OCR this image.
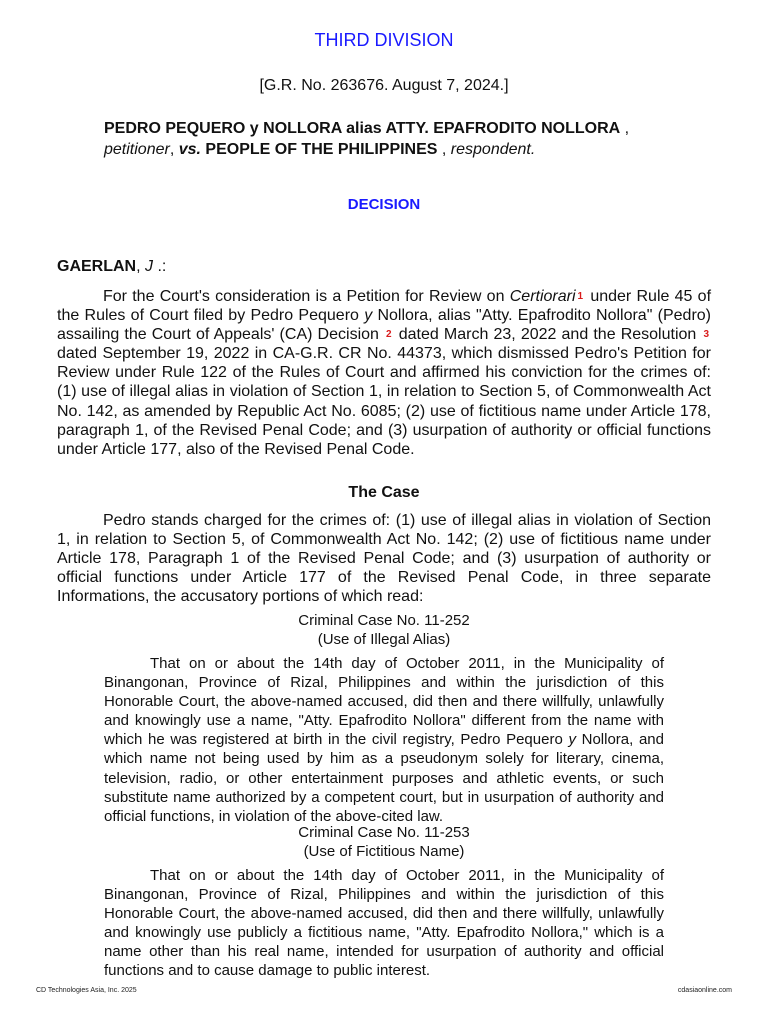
THIRD DIVISION
[G.R. No. 263676. August 7, 2024.]
PEDRO PEQUERO y NOLLORA alias ATTY. EPAFRODITO NOLLORA ,
petitioner, vs. PEOPLE OF THE PHILIPPINES , respondent.
DECISION
GAERLAN, J .:
For the Court's consideration is a Petition for Review on Certiorari 1 under Rule 45 of the Rules of Court filed by Pedro Pequero y Nollora, alias "Atty. Epafrodito Nollora" (Pedro) assailing the Court of Appeals' (CA) Decision 2 dated March 23, 2022 and the Resolution 3 dated September 19, 2022 in CA-G.R. CR No. 44373, which dismissed Pedro's Petition for Review under Rule 122 of the Rules of Court and affirmed his conviction for the crimes of: (1) use of illegal alias in violation of Section 1, in relation to Section 5, of Commonwealth Act No. 142, as amended by Republic Act No. 6085; (2) use of fictitious name under Article 178, paragraph 1, of the Revised Penal Code; and (3) usurpation of authority or official functions under Article 177, also of the Revised Penal Code.
The Case
Pedro stands charged for the crimes of: (1) use of illegal alias in violation of Section 1, in relation to Section 5, of Commonwealth Act No. 142; (2) use of fictitious name under Article 178, Paragraph 1 of the Revised Penal Code; and (3) usurpation of authority or official functions under Article 177 of the Revised Penal Code, in three separate Informations, the accusatory portions of which read:
Criminal Case No. 11-252
(Use of Illegal Alias)
That on or about the 14th day of October 2011, in the Municipality of Binangonan, Province of Rizal, Philippines and within the jurisdiction of this Honorable Court, the above-named accused, did then and there willfully, unlawfully and knowingly use a name, "Atty. Epafrodito Nollora" different from the name with which he was registered at birth in the civil registry, Pedro Pequero y Nollora, and which name not being used by him as a pseudonym solely for literary, cinema, television, radio, or other entertainment purposes and athletic events, or such substitute name authorized by a competent court, but in usurpation of authority and official functions, in violation of the above-cited law.
Criminal Case No. 11-253
(Use of Fictitious Name)
That on or about the 14th day of October 2011, in the Municipality of Binangonan, Province of Rizal, Philippines and within the jurisdiction of this Honorable Court, the above-named accused, did then and there willfully, unlawfully and knowingly use publicly a fictitious name, "Atty. Epafrodito Nollora," which is a name other than his real name, intended for usurpation of authority and official functions and to cause damage to public interest.
CD Technologies Asia, Inc. 2025	cdasiaonline.com
